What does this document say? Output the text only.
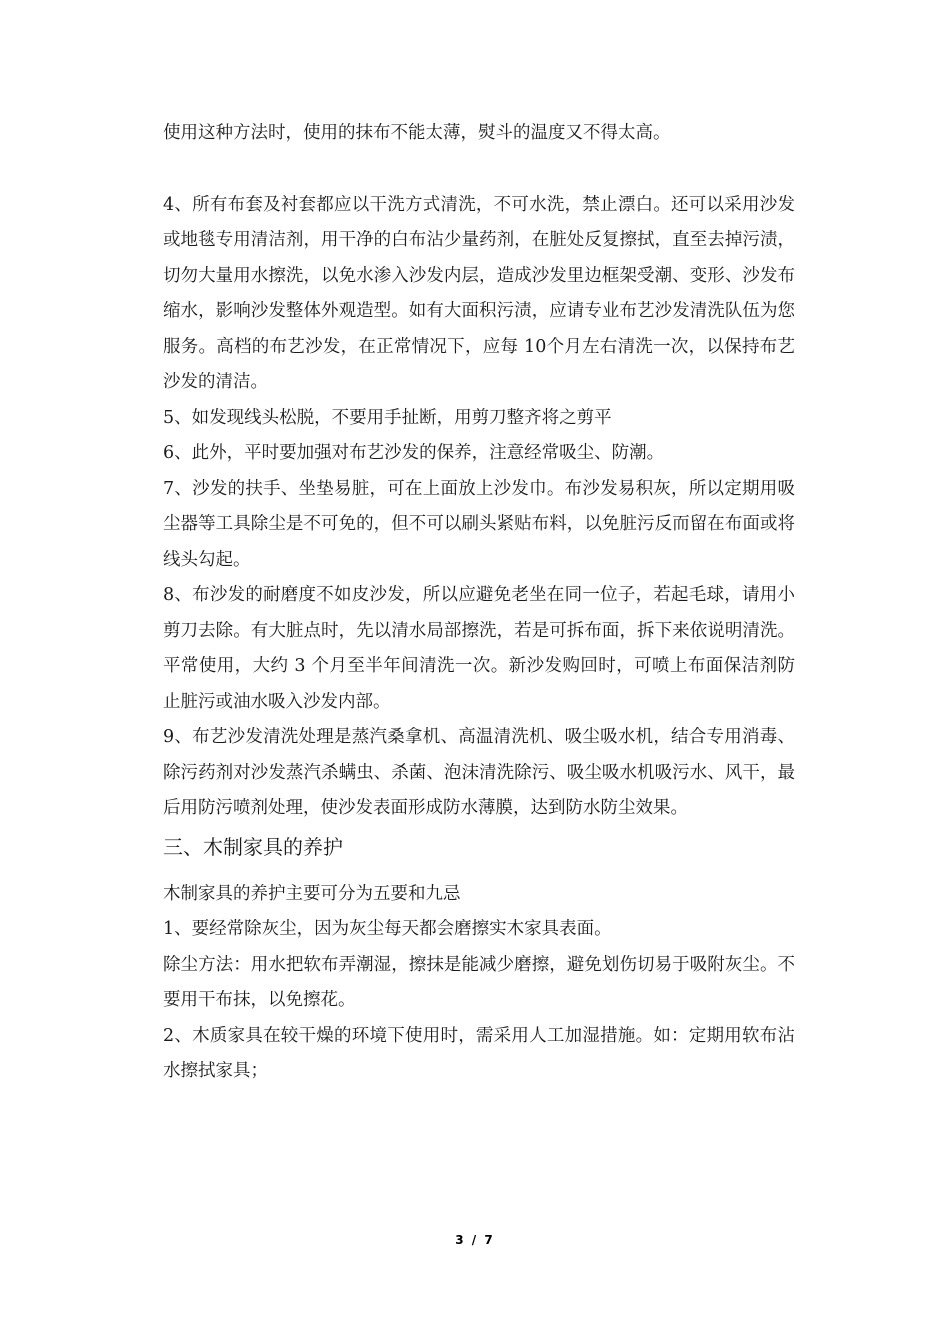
使用这种方法时，使用的抹布不能太薄，熨斗的温度又不得太高。

4、所有布套及衬套都应以干洗方式清洗，不可水洗，禁止漂白。还可以采用沙发或地毯专用清洁剂，用干净的白布沾少量药剂，在脏处反复擦拭，直至去掉污渍，切勿大量用水擦洗，以免水渗入沙发内层，造成沙发里边框架受潮、变形、沙发布缩水，影响沙发整体外观造型。如有大面积污渍，应请专业布艺沙发清洗队伍为您服务。高档的布艺沙发，在正常情况下，应每 10个月左右清洗一次，以保持布艺沙发的清洁。

5、如发现线头松脱，不要用手扯断，用剪刀整齐将之剪平

6、此外，平时要加强对布艺沙发的保养，注意经常吸尘、防潮。

7、沙发的扶手、坐垫易脏，可在上面放上沙发巾。布沙发易积灰，所以定期用吸尘器等工具除尘是不可免的，但不可以刷头紧贴布料，以免脏污反而留在布面或将线头勾起。

8、布沙发的耐磨度不如皮沙发，所以应避免老坐在同一位子，若起毛球，请用小剪刀去除。有大脏点时，先以清水局部擦洗，若是可拆布面，拆下来依说明清洗。平常使用，大约 3 个月至半年间清洗一次。新沙发购回时，可喷上布面保洁剂防止脏污或油水吸入沙发内部。

9、布艺沙发清洗处理是蒸汽桑拿机、高温清洗机、吸尘吸水机，结合专用消毒、除污药剂对沙发蒸汽杀螨虫、杀菌、泡沫清洗除污、吸尘吸水机吸污水、风干，最后用防污喷剂处理，使沙发表面形成防水薄膜，达到防水防尘效果。

三、木制家具的养护

木制家具的养护主要可分为五要和九忌

1、要经常除灰尘，因为灰尘每天都会磨擦实木家具表面。

除尘方法：用水把软布弄潮湿，擦抹是能减少磨擦，避免划伤切易于吸附灰尘。不要用干布抹，以免擦花。

2、木质家具在较干燥的环境下使用时，需采用人工加湿措施。如：定期用软布沾水擦拭家具；

3 / 7
